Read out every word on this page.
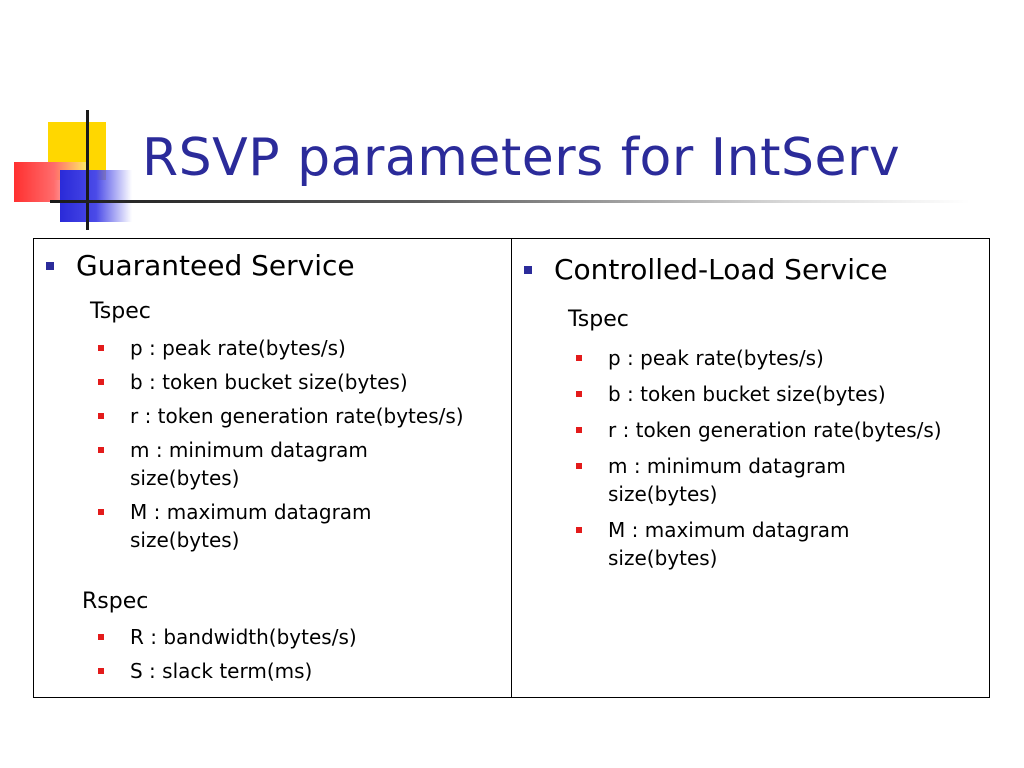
RSVP parameters for IntServ
Guaranteed Service
Tspec
p : peak rate(bytes/s)
b : token bucket size(bytes)
r : token generation rate(bytes/s)
m : minimum datagram size(bytes)
M : maximum datagram size(bytes)
Rspec
R : bandwidth(bytes/s)
S : slack term(ms)
Controlled-Load Service
Tspec
p : peak rate(bytes/s)
b : token bucket size(bytes)
r : token generation rate(bytes/s)
m : minimum datagram size(bytes)
M : maximum datagram size(bytes)
